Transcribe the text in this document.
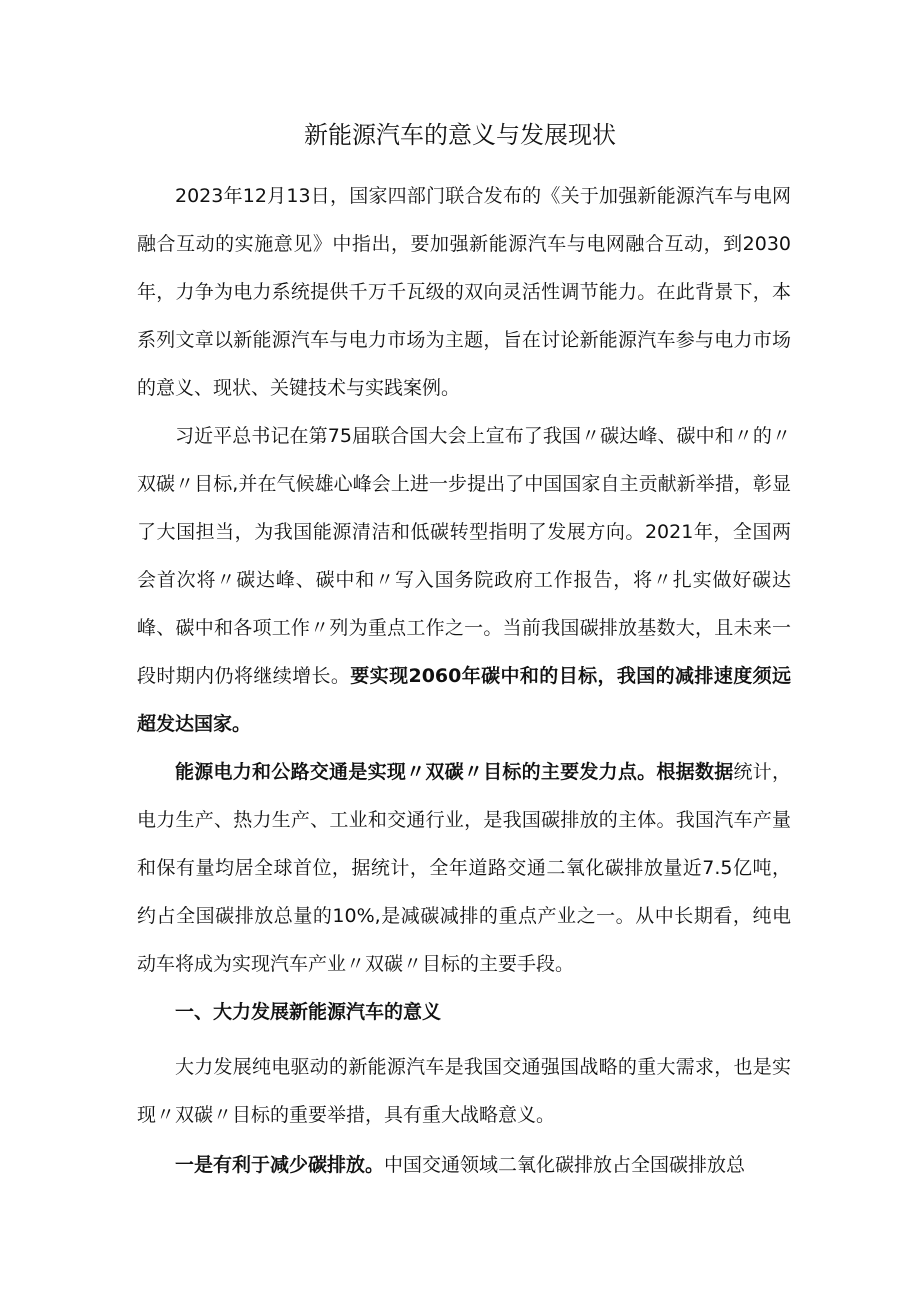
新能源汽车的意义与发展现状

2023年12月13日，国家四部门联合发布的《关于加强新能源汽车与电网融合互动的实施意见》中指出，要加强新能源汽车与电网融合互动，到2030年，力争为电力系统提供千万千瓦级的双向灵活性调节能力。在此背景下，本系列文章以新能源汽车与电力市场为主题，旨在讨论新能源汽车参与电力市场的意义、现状、关键技术与实践案例。

习近平总书记在第75届联合国大会上宣布了我国〃碳达峰、碳中和〃的〃双碳〃目标,并在气候雄心峰会上进一步提出了中国国家自主贡献新举措，彰显了大国担当，为我国能源清洁和低碳转型指明了发展方向。2021年，全国两会首次将〃碳达峰、碳中和〃写入国务院政府工作报告，将〃扎实做好碳达峰、碳中和各项工作〃列为重点工作之一。当前我国碳排放基数大，且未来一段时期内仍将继续增长。要实现2060年碳中和的目标，我国的减排速度须远超发达国家。

能源电力和公路交通是实现〃双碳〃目标的主要发力点。根据数据统计，电力生产、热力生产、工业和交通行业，是我国碳排放的主体。我国汽车产量和保有量均居全球首位，据统计，全年道路交通二氧化碳排放量近7.5亿吨，约占全国碳排放总量的10%,是减碳减排的重点产业之一。从中长期看，纯电动车将成为实现汽车产业〃双碳〃目标的主要手段。

一、大力发展新能源汽车的意义

大力发展纯电驱动的新能源汽车是我国交通强国战略的重大需求，也是实现〃双碳〃目标的重要举措，具有重大战略意义。

一是有利于减少碳排放。中国交通领域二氧化碳排放占全国碳排放总
